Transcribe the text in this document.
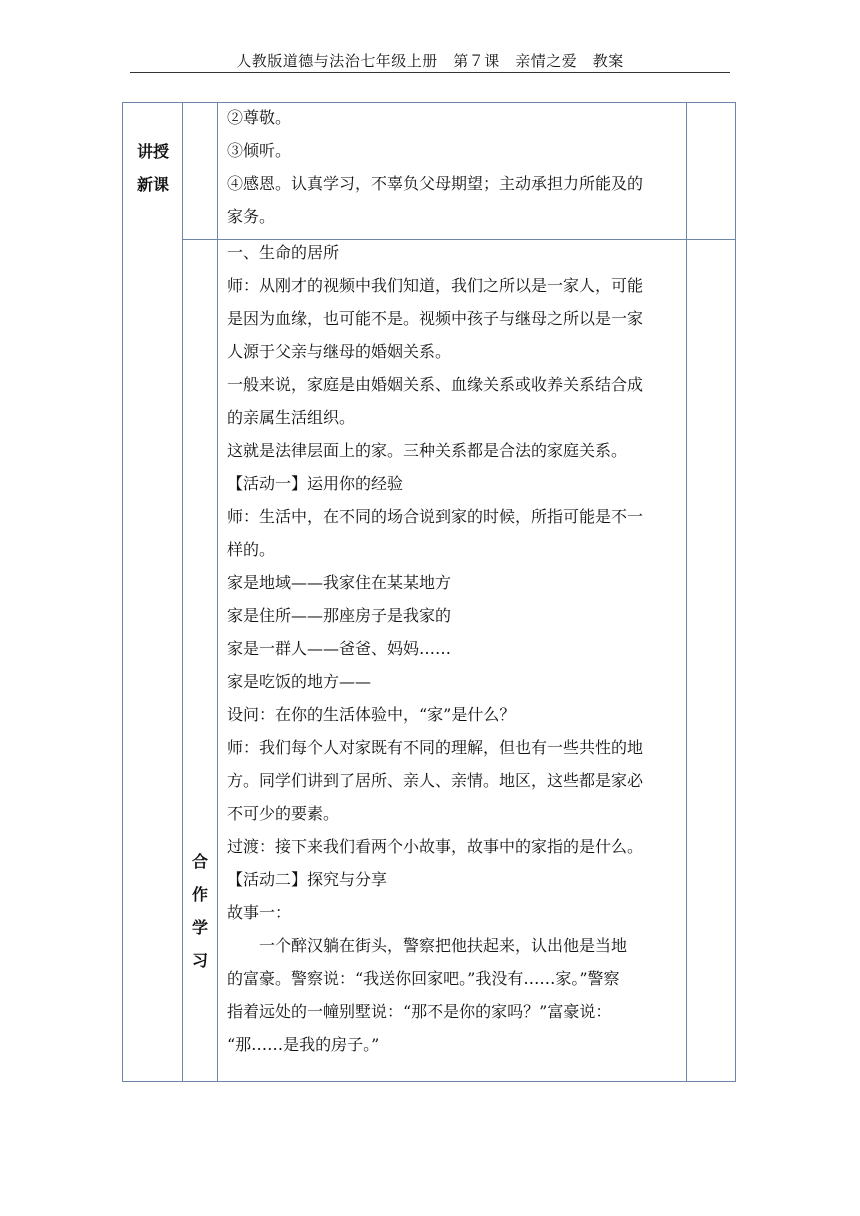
人教版道德与法治七年级上册　第７课　亲情之爱　教案
讲授
新课

②尊敬。

③倾听。

④感恩。认真学习，不辜负父母期望；主动承担力所能及的

家务。

合
作
学
习

一、生命的居所

师：从刚才的视频中我们知道，我们之所以是一家人，可能

是因为血缘，也可能不是。视频中孩子与继母之所以是一家

人源于父亲与继母的婚姻关系。

一般来说，家庭是由婚姻关系、血缘关系或收养关系结合成

的亲属生活组织。

这就是法律层面上的家。三种关系都是合法的家庭关系。

【活动一】运用你的经验

师：生活中，在不同的场合说到家的时候，所指可能是不一

样的。

家是地域——我家住在某某地方

家是住所——那座房子是我家的

家是一群人——爸爸、妈妈……

家是吃饭的地方——

设问：在你的生活体验中，“家”是什么？

师：我们每个人对家既有不同的理解，但也有一些共性的地

方。同学们讲到了居所、亲人、亲情。地区，这些都是家必

不可少的要素。

过渡：接下来我们看两个小故事，故事中的家指的是什么。

【活动二】探究与分享

故事一：

　　一个醉汉躺在街头，警察把他扶起来，认出他是当地

的富豪。警察说：“我送你回家吧。”我没有……家。”警察

指着远处的一幢别墅说：“那不是你的家吗？”富豪说：

“那……是我的房子。”
